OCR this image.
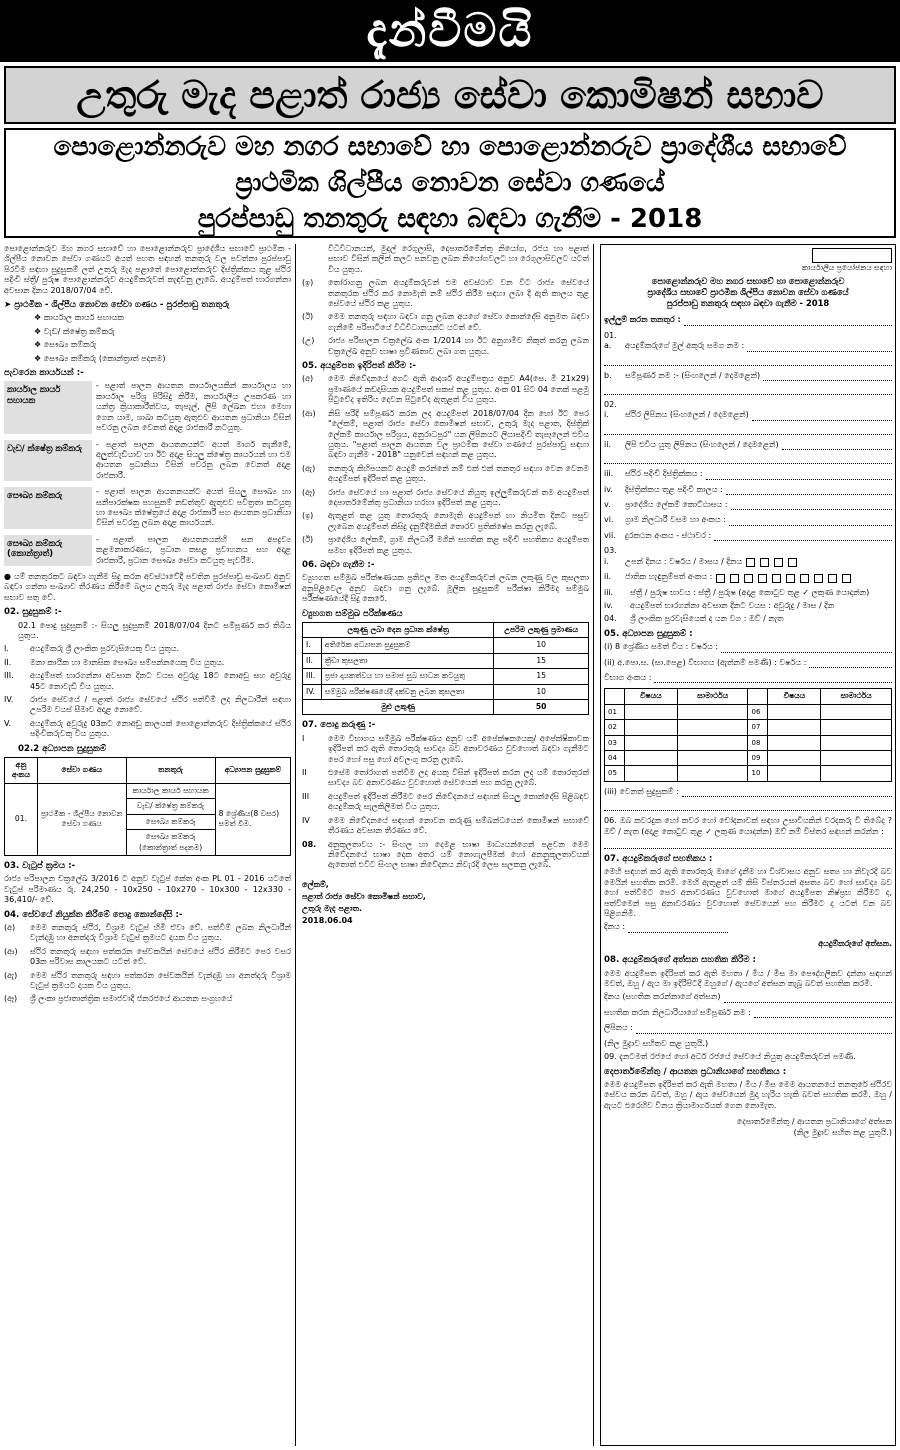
දැන්වීමයි
උතුරු මැද පළාත් රාජ්‍ය සේවා කොමිෂන් සභාව
පොළොන්නරුව මහ නගර සභාවේ හා පොළොන්නරුව ප්‍රාදේශීය සභාවේ
ප්‍රාථමික ශිල්පීය නොවන සේවා ගණයේ
පුරප්පාඩු තනතුරු සඳහා බඳවා ගැනීම - 2018

පොළොන්නරුව මහ නගර සභාවේ හා පොළොන්නරුව ප්‍රාදේශීය සභාවේ ප්‍රාථමික - ශිල්පීය නොවන සේවා ගණයට අයත් පහත සඳහන් තනතුරු වල පවත්නා පුරප්පාඩු පිරවීම සඳහා සුදුසුකම් ලත් උතුරු මැද පළාතේ පොළොන්නරුව දිස්ත්‍රික්කය තුළ ස්ථිර පදිංචි ස්ත්‍රී/ පුරුෂ පොළොන්නරුව අයදුම්කරුවන් කැඳවනු ලැබේ. අයදුම්පත් භාරගන්නා අවසාන දිනය 2018/07/04 වේ.

➤ ප්‍රාථමික - ශිල්පීය නොවන සේවා ගණය - පුරප්පාඩු තනතුරු
❖ කාර්යාල කාර්ය සහායක
❖ වැඩ/ ක්ෂේත්‍ර කම්කරු
❖ සෞඛ්‍ය කම්කරු
❖ සෞඛ්‍ය කම්කරු (කොන්ත්‍රාත් පදනම)
පැවරෙන කාර්යයන් :-
කාර්යාල කාර්ය සහායක
- පළාත් පාලන ආයතන කාර්යාලයකින් කාර්යාලය හා කාර්යාල පරිශ්‍ර පිරිසිදු කිරීම, කාර්යාලීය උපකරණ හා යන්ත්‍ර ක්‍රියාකාරීත්වය, තැපැල්, ලිපි ලේඛන එහා මෙහා ගෙන යාම, ශාඛා කටයුතු ඇතුළුව ආයතන ප්‍රධානියා විසින් පවරනු ලබන වෙනත් අදාළ රාජකාරී කටයුතු.
වැඩ/ ක්ෂේත්‍ර කම්කරු	- පළාත් පාලන ආයතනයන්ට අයත් මාර්ග තැනීමේ, අලුත්වැඩියාව හා ඊට අදාළ සියලු ක්ෂේත්‍ර කාර්යයන් හා එම ආයතන ප්‍රධානියා විසින් පවරනු ලබන වෙනත් අදාළ රාජකාරී.
සෞඛ්‍ය කම්කරු	- පළාත් පාලන ආයතනයන්ට අයත් සියලු සෞඛ්‍ය හා සනීපාරක්ෂක පහසුකම් නඩත්තුව ඇතුළුව පවිත්‍රතා කටයුතු හා සෞඛ්‍ය ක්ෂේත්‍රයේ අදාළ රාජකාරී සහ ආයතන ප්‍රධානියා විසින් පවරනු ලබන අදාළ කාර්යයන්.
සෞඛ්‍ය කම්කරු (කොන්ත්‍රාත්)
- පළාත් පාලන ආයතනයන්හි ඝන අපද්‍රව්‍ය කළමනාකරණය, ප්‍රධාන කසළ ප්‍රවාහනය සහ අදාළ රාජකාරී, ප්‍රධාන සෞඛ්‍ය සේවා කටයුතු පැවරීම.

● යම් තනතුරකට බඳවා ගැනීම සිදු කරන අවස්ථාවේදී පවතින පුරප්පාඩු සංඛ්‍යාව අනුව බඳවා ගන්නා සංඛ්‍යාව තීරණය කිරීමේ බලය උතුරු මැද පළාත් රාජ්‍ය සේවා කොමිෂන් සභාව සතු වේ.

02. සුදුසුකම් :-

02.1 පොදු සුදුසුකම් :- සියලු සුදුසුකම් 2018/07/04 දිනට සම්පූර්ණ කර තිබිය යුතුය.

I.	අයදුම්කරු ශ්‍රී ලාංකික පුරවැසියෙකු විය යුතුය.
II.	මනා කායික හා මානසික සෞඛ්‍ය සම්පන්නයෙකු විය යුතුය.
III.	අයදුම්පත් භාරගන්නා අවසාන දිනට වයස අවුරුදු 18ට නොඅඩු සහ අවුරුදු 45ට නොවැඩි විය යුතුය.
IV.	රාජ්‍ය සේවයේ / පළාත් රාජ්‍ය සේවයේ ස්ථිර පත්වීම් ලද නිලධාරීන් සඳහා උපරිම වයස් සීමාව අදාළ නොවේ.
V.	අයදුම්කරු අවුරුදු 03කට නොඅඩු කාලයක් පොළොන්නරුව දිස්ත්‍රික්කයේ ස්ථිර පදිංචිකරුවකු විය යුතුය.
02.2 අධ්‍යාපන සුදුසුකම්
අනු අංකය	සේවා ගණය	තනතුරු	අධ්‍යාපන සුදුසුකම්
01.	ප්‍රාථමික - ශිල්පීය නොවන සේවා ගණය	කාර්යාල කාර්ය සහායක	8 ශ්‍රේණිය(8 වසර) සමත් වීම.
		වැඩ/ ක්ෂේත්‍ර කම්කරු	
		සෞඛ්‍ය කම්කරු	
		සෞඛ්‍ය කම්කරු (කොන්ත්‍රාත් පදනම)	
03. වැටුප් ක්‍රමය :-

රාජ්‍ය පරිපාලන චක්‍රලේඛ 3/2016 ට අනුව වැටුප් කේත අංක PL 01 - 2016 යටතේ වැටුප් පරිමාණය රු. 24,250 - 10x250 - 10x270 - 10x300 - 12x330 - 36,410/- වේ.

04. සේවයේ නියුක්ත කිරීමේ පොදු කොන්දේසි :-
(අ)	මෙම තනතුරු ස්ථිර, විශ්‍රාම වැටුප් හිමි ඒවා වේ. පත්වීම් ලබන නිලධාරීන් වැන්දඹු හා අනත්දරු විශ්‍රාම වැටුප් ක්‍රමයට දායක විය යුතුය.
(ආ)	ස්ථිර තනතුරු සඳහා පත්කරන සේවකයින් සේවයේ ස්ථිර කිරීමට පෙර වසර 03ක පරිවාස කාලයකට යටත් වේ.
(ඇ)	මෙම ස්ථිර තනතුරු සඳහා පත්කරන සේවකයින් වැන්දඹු හා අනත්දරු විශ්‍රාම වැටුප් ක්‍රමයට දායක විය යුතුය.
(ඈ)	ශ්‍රී ලංකා ප්‍රජාතාන්ත්‍රික සමාජවාදී ජනරජයේ ආයතන සංග්‍රහයේ
විධිවිධානයන්, මුදල් රෙගුලාසි, දෙපාර්තමේන්තු නියෝග, රජය හා පළාත් සභාව විසින් කලින් කලට පනවනු ලබන නියෝගවලට හා රෙගුලාසිවලට යටත් විය යුතුය.
(ඉ)	තෝරාගනු ලබන අයදුම්කරුවන් එම අවස්ථාව වන විට රාජ්‍ය සේවයේ තනතුරක ස්ථිර කර නොමැති නම් ස්ථිර කිරීම සඳහා ලබා දී ඇති කාලය තුළ සේවයේ ස්ථිර කළ යුතුය.
(ඊ)	මෙම තනතුරු සඳහා බඳවා ගනු ලබන අයගේ සේවා කොන්දේසි අනුමත බඳවා ගැනීමේ පරිපාටියේ විධිවිධානයන්ට යටත් වේ.
(උ)	රාජ්‍ය පරිපාලන චක්‍රලේඛ අංක 1/2014 හා ඊට අනුගාමීව නිකුත් කරනු ලබන චක්‍රලේඛ අනුව භාෂා ප්‍රවීණතාව ලබා ගත යුතුය.
05. අයදුම්පත ඉදිරිපත් කිරීම :-
(අ)	මෙම නිවේදනයේ අගට ඇති ආදර්ශ අයදුම්පත්‍රය අනුව A4(සෙ. මී 21x29) ප්‍රමාණයේ කඩදාසියක අයදුම්පත් සකස් කළ යුතුය. අංක 01 සිට 04 තෙක් පළමු පිටුවේද ඉතිරිය දෙවන පිටුවේද ඇතුළත් විය යුතුය.
(ආ)	නිසි පරිදි සම්පූර්ණ කරන ලද අයදුම්පත් 2018/07/04 දින හෝ ඊට පෙර "ලේකම්, පළාත් රාජ්‍ය සේවා කොමිෂන් සභාව, උතුරු මැද පළාත, දිස්ත්‍රික් ලේකම් කාර්යාල පරිශ්‍රය, අනුරාධපුර" යන ලිපිනයට ලියාපදිංචි තැපෑලෙන් එවිය යුතුය. "පළාත් පාලන ආයතන වල ප්‍රාථමික සේවා ගණයේ පුරප්පාඩු සඳහා බඳවා ගැනීම - 2018" යනුවෙන් සඳහන් කළ යුතුය.
(ඇ)	තනතුරු කිහිපයකට අයදුම් කරන්නේ නම් එක් එක් තනතුර සඳහා වෙන වෙනම අයදුම්පත් ඉදිරිපත් කළ යුතුය.
(ඈ)	රාජ්‍ය සේවයේ හා පළාත් රාජ්‍ය සේවයේ නියුතු ඉල්ලුම්කරුවන් තම අයදුම්පත් දෙපාර්තමේන්තු ප්‍රධානියා හරහා ඉදිරිපත් කළ යුතුය.
(ඉ)	ඇතුළත් කළ යුතු තොරතුරු නොමැති අයදුම්පත් හා නියමිත දිනට පසුව ලැබෙන අයදුම්පත් කිසිදු දැනුම්දීමකින් තොරව ප්‍රතික්ෂේප කරනු ලැබේ.
(ඊ)	ප්‍රාදේශීය ලේකම්, ග්‍රාම නිලධාරී මගින් සහතික කළ පදිංචි සහතිකය අයදුම්පත සමඟ ඉදිරිපත් කළ යුතුය.
06. බඳවා ගැනීම :-

ව්‍යුහගත සම්මුඛ පරීක්ෂණයක ප්‍රතිඵල මත අයදුම්කරුවන් ලබන ලකුණු වල කුසලතා අනුපිළිවෙල අනුව බඳවා ගනු ලැබේ. මූලික සුදුසුකම් පරීක්ෂා කිරීමද සම්මුඛ පරීක්ෂණයේදී සිදු කෙරේ.

ව්‍යුහගත සම්මුඛ පරීක්ෂණය
ලකුණු ලබා දෙන ප්‍රධාන ක්ෂේත්‍ර		උපරිම ලකුණු ප්‍රමාණය
I.	අතිරේක අධ්‍යාපන සුදුසුකම්	10
II.	ක්‍රීඩා කුසලතා	15
III.	ප්‍රජා දායකත්වය හා සමාජ සුබ සාධන කටයුතු	15
IV.	සම්මුඛ පරීක්ෂණයේදී දක්වනු ලබන කුසලතා	10
මුළු ලකුණු		50
07. පොදු කරුණු :-
I	මෙම විභාගය සම්මුඛ පරීක්ෂණය අනුව යම් අපේක්ෂකයෙකු/ අපේක්ෂිකාවක ඉදිරිපත් කර ඇති තොරතුරු සාවද්‍ය බව අනාවරණය වුවහොත් බඳවා ගැනීමට පෙර හෝ පසු හෝ අවලංගු කරනු ලැබේ.
II	එසේම තෝරාගත් පත්වීම ලද අයකු විසින් ඉදිරිපත් කරන ලද යම් තොරතුරක් සාවද්‍ය බව අනාවරණය වුවහොත් සේවයෙන් පහ කරනු ලැබේ.
III	අයදුම්පත් ඉදිරිපත් කිරීමට පෙර නිවේදනයේ සඳහන් සියලු කොන්දේසි පිළිබඳව අයදුම්කරු සැලකිලිමත් විය යුතුය.
IV	මෙම නිවේදනයේ සඳහන් නොවන කරුණු සම්බන්ධයෙන් කොමිෂන් සභාවේ තීරණය අවසාන තීරණය වේ.
08.	අනුකූලතාවය :- සිංහල හා දෙමළ භාෂා මාධ්‍යයන්ගෙන් පළවන මෙම නිවේදනයේ භාෂා දෙක අතර යම් නොගැලපීමක් හෝ අනනුකූලතාවයක් ඇතොත් එවිට සිංහල භාෂා නිවේදනය නිවැරදි ලෙස සලකනු ලැබේ.
ලේකම්,
පළාත් රාජ්‍ය සේවා කොමිෂන් සභාව,
උතුරු මැද පළාත.
2018.06.04
කාර්යාලීය ප්‍රයෝජනය සඳහා
පොළොන්නරුව මහ නගර සභාවේ හා පොළොන්නරුව
ප්‍රාදේශීය සභාවේ ප්‍රාථමික ශිල්පීය නොවන සේවා ගණයේ
පුරප්පාඩු තනතුරු සඳහා බඳවා ගැනීම - 2018
ඉල්ලුම් කරන තනතුර :
01. a.	අයදුම්කරුගේ මුල් අකුරු සමග නම :
b.	සම්පූර්ණ නම :- (සිංහලෙන් / දෙමළෙන්)
02. i.	ස්ථිර ලිපිනය (සිංහලෙන් / දෙමළෙන්)
ii.	ලිපි එවිය යුතු ලිපිනය (සිංහලෙන් / දෙමළෙන්)
iii.	ස්ථිර පදිංචි දිස්ත්‍රික්කය :
iv.	දිස්ත්‍රික්කය තුළ පදිංචි කාලය :
v.	ප්‍රාදේශීය ලේකම් කොට්ඨාසය :
vi.	ග්‍රාම නිලධාරී වසම හා අංකය :
vii.	දුරකථන අංකය - ස්ථාවර :
03. i.	උපන් දිනය : වර්ෂය / මාසය / දිනය
ii.	ජාතික හැඳුනුම්පත් අංකය :
iii.	ස්ත්‍රී / පුරුෂ භාවය : ස්ත්‍රී / පුරුෂ (අදාළ කොටුව තුළ ✓ ලකුණ යොදන්න)
iv.	අයදුම්පත් භාරගන්නා අවසාන දිනට වයස : අවුරුදු / මාස / දින
04.	ශ්‍රී ලාංකික පුරවැසියෙක් ද යන වග : ඔව් / නැත
05. අධ්‍යාපන සුදුසුකම් :
(i) 8 ශ්‍රේණිය සමත් විය : වර්ෂය :
(ii) අ.පො.ස. (සා.පෙළ) විභාගය (ඇත්නම් පමණි) : වර්ෂය :
විභාග අංකය :
	විෂයය	සාමාර්ථය		විෂයය	සාමාර්ථය
01			06		
02			07		
03			08		
04			09		
05			10		
(iii) වෙනත් සුදුසුකම් :

06. ඔබ කවරදුක හෝ කවර හෝ චෝදනාවක් සඳහා උසාවියකින් වරදකරු වී තිබේද ? ඔව් / නැත (අදාළ කොටුව තුළ ✓ ලකුණ යොදන්න) ඔව් නම් විස්තර සඳහන් කරන්න :

07. අයදුම්කරුගේ සහතිකය :

මෙහි සඳහන් කර ඇති තොරතුරු මාගේ දැනීම හා විශ්වාසය අනුව සත්‍ය හා නිවැරදි බව මෙයින් සහතික කරමි. මෙහි ඇතුළත් යම් කිසි විස්තරයක් අසත්‍ය බව හෝ සාවද්‍ය බව හෝ පත්වීමට පෙර අනාවරණය වුවහොත් මාගේ අයදුම්පත නිෂ්ප්‍රභ කිරීමට ද, පත්වීමෙන් පසු අනාවරණය වුවහොත් සේවයෙන් පහ කිරීමට ද යටත් වන බව පිළිගනිමි.

දිනය :
අයදුම්කරුගේ අත්සන.
08. අයදුම්කරුගේ අත්සන සහතික කිරීම :

මෙම අයදුම්පත ඉදිරිපත් කර ඇති මහතා / මිය / මිස මා පෞද්ගලිකව දන්නා සඳහන් මවත්, ඔහු / ඇය මා ඉදිරිපිටදී ඔහුගේ / ඇයගේ අත්සන තැබූ බවත් සහතික කරමි.

දිනය (සහතික කරන්නාගේ අත්සන)
සහතික කරන නිලධාරියාගේ සම්පූර්ණ නම :
ලිපිනය :

(නිල මුද්‍රාව සහිතව කළ යුතුයි.)

09. දැනටමත් රජයේ හෝ අර්ධ රජයේ සේවයේ නියුතු අයදුම්කරුවන් පමණි.

දෙපාර්තමේන්තු / ආයතන ප්‍රධානියාගේ සහතිකය :

මෙම අයදුම්පත ඉදිරිපත් කර ඇති මහතා / මිය / මිස මෙම ආයතනයේ තනතුරේ ස්ථිරව සේවය කරන බවත්, ඔහු / ඇය සේවයෙන් මුදා හැරිය හැකි බවත් සහතික කරමි. ඔහු / ඇයට එරෙහිව විනය ක්‍රියාමාර්ගයක් ගෙන නොමැත.

දෙපාර්තමේන්තු / ආයතන ප්‍රධානියාගේ අත්සන
(නිල මුද්‍රාව සහිත කළ යුතුයි.)
